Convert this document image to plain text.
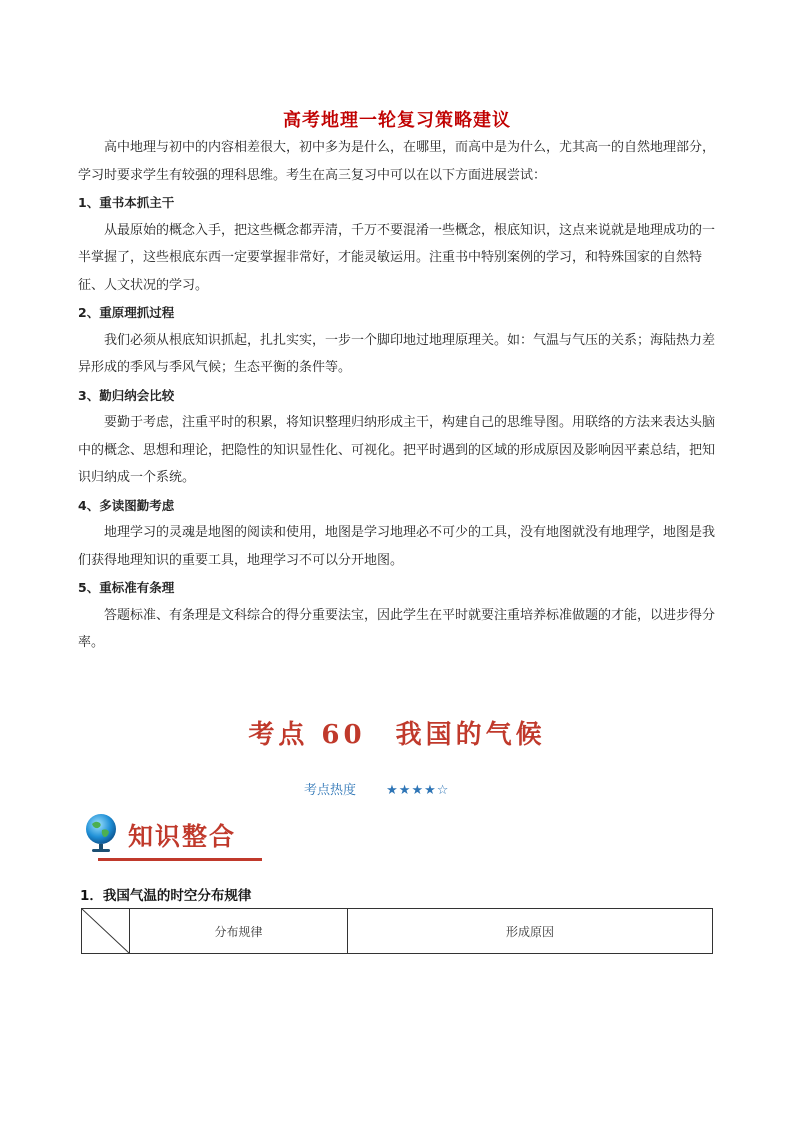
高考地理一轮复习策略建议

高中地理与初中的内容相差很大，初中多为是什么，在哪里，而高中是为什么，尤其高一的自然地理部分，学习时要求学生有较强的理科思维。考生在高三复习中可以在以下方面进展尝试：

1、重书本抓主干

从最原始的概念入手，把这些概念都弄清，千万不要混淆一些概念，根底知识，这点来说就是地理成功的一半掌握了，这些根底东西一定要掌握非常好，才能灵敏运用。注重书中特别案例的学习，和特殊国家的自然特征、人文状况的学习。

2、重原理抓过程

我们必须从根底知识抓起，扎扎实实，一步一个脚印地过地理原理关。如：气温与气压的关系；海陆热力差异形成的季风与季风气候；生态平衡的条件等。

3、勤归纳会比较

要勤于考虑，注重平时的积累，将知识整理归纳形成主干，构建自己的思维导图。用联络的方法来表达头脑中的概念、思想和理论，把隐性的知识显性化、可视化。把平时遇到的区域的形成原因及影响因平素总结，把知识归纳成一个系统。

4、多读图勤考虑

地理学习的灵魂是地图的阅读和使用，地图是学习地理必不可少的工具，没有地图就没有地理学，地图是我们获得地理知识的重要工具，地理学习不可以分开地图。

5、重标准有条理

答题标准、有条理是文科综合的得分重要法宝，因此学生在平时就要注重培养标准做题的才能，以进步得分率。

考点 60　我国的气候
考点热度 ★★★★☆
知识整合
1．我国气温的时空分布规律
	分布规律	形成原因
